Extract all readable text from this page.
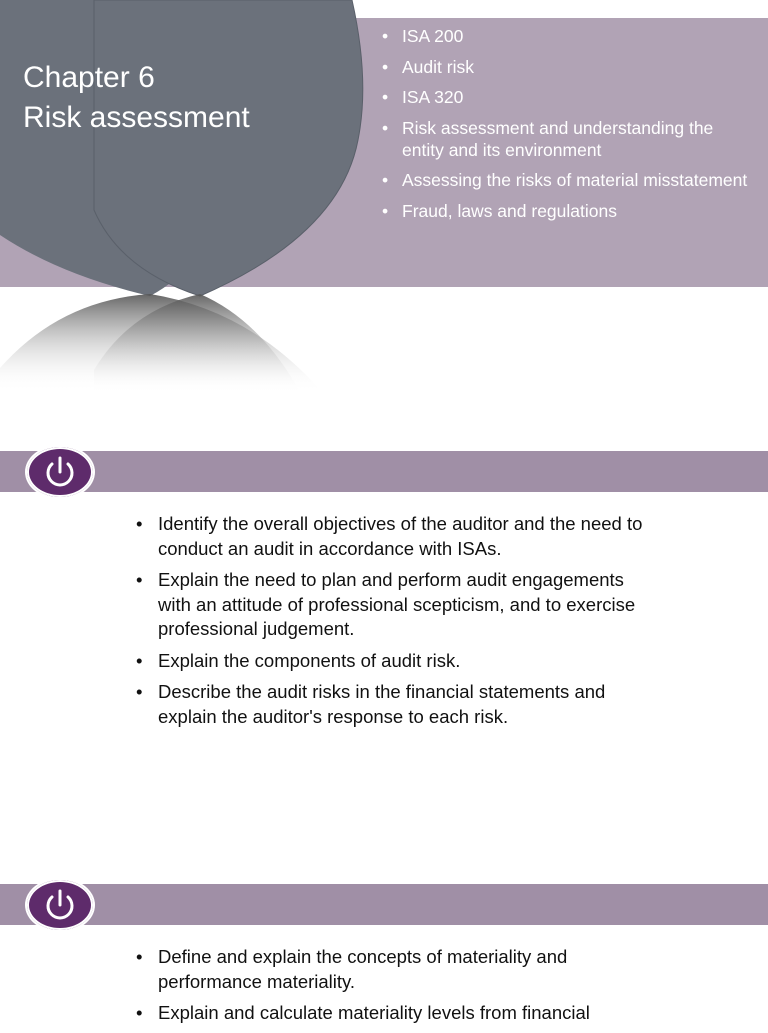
Chapter 6
Risk assessment
• ISA 200
• Audit risk
• ISA 320
• Risk assessment and understanding the entity and its environment
• Assessing the risks of material misstatement
• Fraud, laws and regulations
• Identify the overall objectives of the auditor and the need to conduct an audit in accordance with ISAs.
• Explain the need to plan and perform audit engagements with an attitude of professional scepticism, and to exercise professional judgement.
• Explain the components of audit risk.
• Describe the audit risks in the financial statements and explain the auditor's response to each risk.
• Define and explain the concepts of materiality and performance materiality.
• Explain and calculate materiality levels from financial
